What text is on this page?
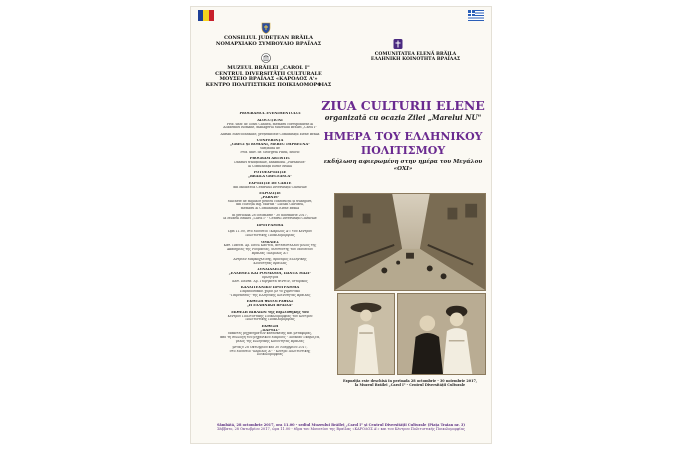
CONSILIUL JUDEȚEAN BRĂILA
ΝΟΜΑΡΧΙΑΚΟ ΣΥΜΒΟΥΛΙΟ ΒΡΑΪΛΑΣ
MUZEUL BRĂILEI „CAROL I"
CENTRUL DIVERSITĂȚII CULTURALE
ΜΟΥΣΕΙΟ ΒΡΑΪΛΑΣ «ΚΑΡΟΛΟΣ Α'»
ΚΕΝΤΡΟ ΠΟΛΙΤΙΣΤΙΚΗΣ ΠΟΙΚΙΛΟΜΟΡΦΙΑΣ
COMUNITATEA ELENĂ BRĂILA
ΕΛΛΗΝΙΚΗ ΚΟΙΝΟΤΗΤΑ ΒΡΑΪΛΑΣ
ZIUA CULTURII ELENE
organizată cu ocazia Zilei „Marelui NU"
ΗΜΕΡΑ ΤΟΥ ΕΛΛΗΝΙΚΟΥ
ΠΟΛΙΤΙΣΜΟΥ
εκδήλωση αφιερωμένη στην ημέρα του Μεγάλου
«ΟΧΙ»

PROGRAMUL EVENIMENTULUI

ALOCUȚIUNI

Prof. univ. dr. Ionel Cândea, membru corespondent al

Academiei Române, managerul Muzeului Brăilei „Carol I"

Adrian Marcochealide, președintele Comunității Elene Brăila

CONFERINȚA

„GRECI ȘI ROMÂNI, MEREU ÎMPREUNĂ"

susținută de

Prof. univ. dr. Georgeta Fîntîi, istoric

PROGRAM ARTISTIC

Dansuri tradiționale, ansamblul „Parnassos"

al Comunității Elene Brăila

FOTOEXPOZIȚIE

„BRĂILA GRECEASCĂ"

EXPOZIȚIE DE CARTE

din biblioteca Centrului Diversității Culturale

EXPOZIȚIE

„PARNIS"

Machete de mijloace pentru construcții și transport,

din colecția ing. Marius - Lucian Găvozea,

membru al Comunității Elene Brăila

în perioada 28 octombrie - 30 noiembrie 2017,

la Muzeul Brăilei „Carol I" - Centrul Diversității Culturale

ΠΡΟΓΡΑΜΜΑ

Ώρα 11.00, στο Μουσείο «Κάρολος Α'» του Κέντρου

Πολιτιστικής Ποικιλομορφίας

ΟΜΙΛΙΕΣ

Καθ. Πανεπ. Δρ. Ιονέλ Κάντεα, αντεπιστέλλον μέλος της

Ακαδημίας της Ρουμανίας, διευθυντής του Μουσείου

Βραΐλας «Κάρολος Α'»

Αντριάν Μαρκοχελίδης, πρόεδρος Ελληνικής

Κοινότητας Βραΐλας

ΣΥΝΔΙΑΛΕΞΗ

„ΕΛΛΗΝΕΣ ΚΑΙ ΡΟΥΜΑΝΟΙ, ΠΑΝΤΑ ΜΑΖΙ"

ομιλήτρια

Καθ. Πανεπ. Δρ. Γεοργκέτα Φιντίιν, ιστορικός

ΚΑΛΛΙΤΕΧΝΙΚΟ ΠΡΟΓΡΑΜΜΑ

Παραδοσιακοί χοροί με το χορευτικό

"Παρνασσός" της Ελληνικής Κοινότητας Βραΐλας

ΕΚΘΕΣΗ ΦΩΤΟΓΡΑΦΙΑΣ

„Η ΕΛΛΗΝΙΚΗ ΒΡΑΪΛΑ"

ΕΚΘΕΣΗ ΒΙΒΛΙΩΝ της Βιβλιοθήκης του

Κέντρου Πολιτιστικής Ποικιλομορφίας του Κέντρου

Πολιτιστικής Ποικιλομορφίας

ΕΚΘΕΣΗ

„ΠΑΡΝΙΣ"

Μακέτες μηχανημάτων κατασκευής και μεταφοράς,

από τη συλλογή του μηχανικού Μάριους - Λουκιάν Γκαβόζεα,

μέλος της Ελληνικής Κοινότητας Βραΐλας

μεταξύ 28 Οκτωβρίου και 30 Νοεμβρίου 2017,

στο Μουσείο "Κάρολος Α'" - Κέντρο Πολιτιστικής

Ποικιλομορφίας

Expoziția este deschisă în perioada 28 octombrie - 30 noiembrie 2017,
la Muzeul Brăilei „Carol I" - Centrul Diversității Culturale
Sâmbătă, 28 octombrie 2017, ora 11.00 - sediul Muzeului Brăilei „Carol I" și Centrul Diversității Culturale (Piața Traian nr. 3)
Σάββατο, 28 Οκτωβρίου 2017, ώρα 11.00 - έδρα του Μουσείου της Βραΐλας «ΚΑΡΟΛΟΣ Α'» και του Κέντρου Πολιτιστικής Ποικιλομορφίας
